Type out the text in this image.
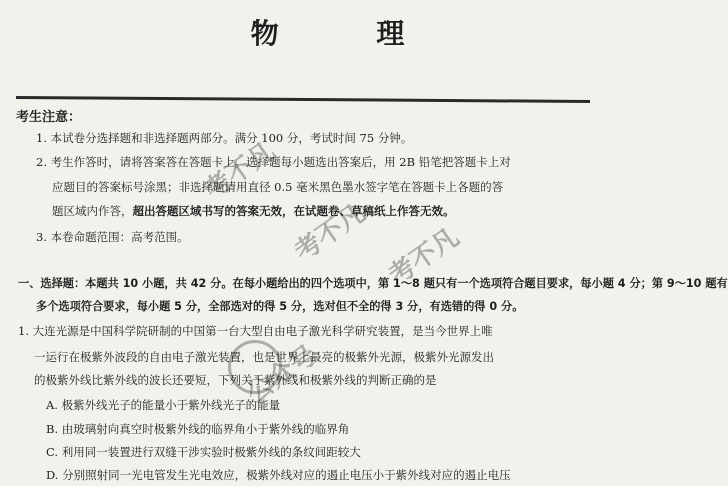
物 理
考生注意：
1. 本试卷分选择题和非选择题两部分。满分 100 分，考试时间 75 分钟。
2. 考生作答时，请将答案答在答题卡上。选择题每小题选出答案后，用 2B 铅笔把答题卡上对
应题目的答案标号涂黑；非选择题请用直径 0.5 毫米黑色墨水签字笔在答题卡上各题的答
题区域内作答，超出答题区域书写的答案无效，在试题卷、草稿纸上作答无效。
3. 本卷命题范围：高考范围。
一、选择题：本题共 10 小题，共 42 分。在每小题给出的四个选项中，第 1～8 题只有一个选项符合题目要求，每小题 4 分；第 9～10 题有
多个选项符合要求，每小题 5 分，全部选对的得 5 分，选对但不全的得 3 分，有选错的得 0 分。
1. 大连光源是中国科学院研制的中国第一台大型自由电子激光科学研究装置，是当今世界上唯
一运行在极紫外波段的自由电子激光装置，也是世界上最亮的极紫外光源，极紫外光源发出
的极紫外线比紫外线的波长还要短，下列关于紫外线和极紫外线的判断正确的是
A. 极紫外线光子的能量小于紫外线光子的能量
B. 由玻璃射向真空时极紫外线的临界角小于紫外线的临界角
C. 利用同一装置进行双缝干涉实验时极紫外线的条纹间距较大
D. 分别照射同一光电管发生光电效应，极紫外线对应的遏止电压小于紫外线对应的遏止电压
考不凡
考不凡
公众号
考不凡
